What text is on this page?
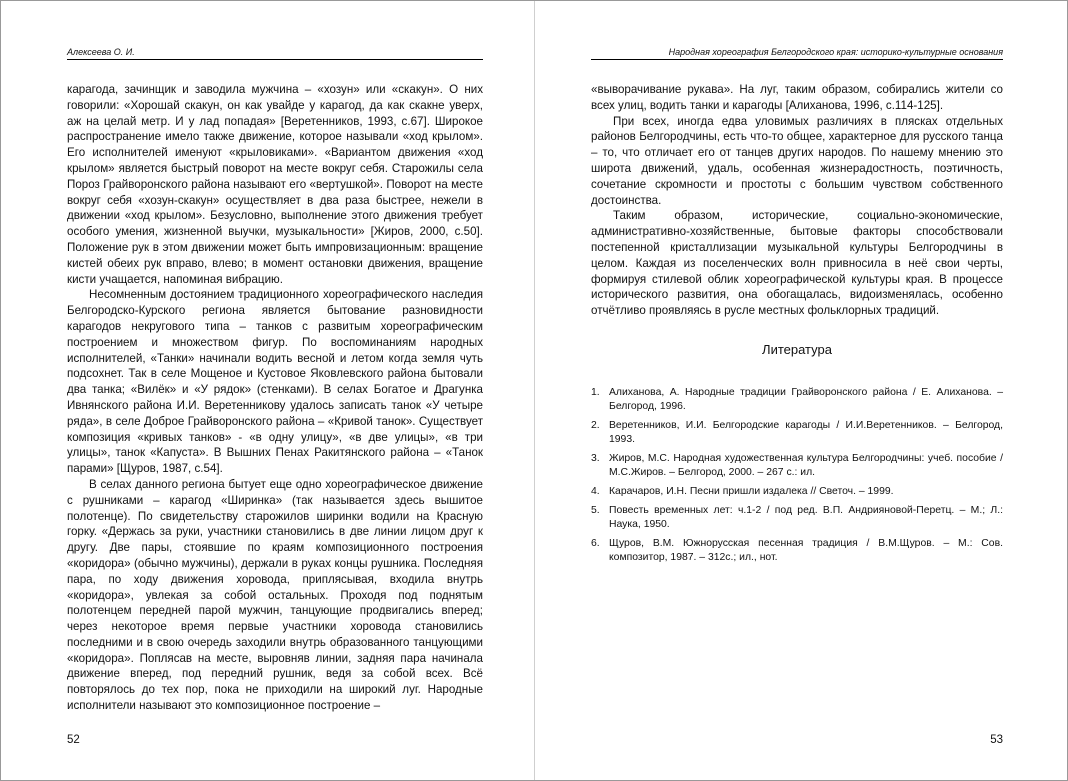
Алексеева О. И.

карагода, зачинщик и заводила мужчина – «хозун» или «скакун». О них говорили: «Хорошай скакун, он как увайде у карагод, да как скакне уверх, аж на целай метр. И у лад попадая» [Веретенников, 1993, с.67]. Широкое распространение имело также движение, которое называли «ход крылом». Его исполнителей именуют «крыловиками». «Вариантом движения «ход крылом» является быстрый поворот на месте вокруг себя. Старожилы села Пороз Грайворонского района называют его «вертушкой». Поворот на месте вокруг себя «хозун-скакун» осуществляет в два раза быстрее, нежели в движении «ход крылом». Безусловно, выполнение этого движения требует особого умения, жизненной выучки, музыкальности» [Жиров, 2000, с.50]. Положение рук в этом движении может быть импровизационным: вращение кистей обеих рук вправо, влево; в момент остановки движения, вращение кисти учащается, напоминая вибрацию.

Несомненным достоянием традиционного хореографического наследия Белгородско-Курского региона является бытование разновидности карагодов некругового типа – танков с развитым хореографическим построением и множеством фигур. По воспоминаниям народных исполнителей, «Танки» начинали водить весной и летом когда земля чуть подсохнет. Так в селе Мощеное и Кустовое Яковлевского района бытовали два танка; «Вилёк» и «У рядок» (стенками). В селах Богатое и Драгунка Ивнянского района И.И. Веретенникову удалось записать танок «У четыре ряда», в селе Доброе Грайворонского района – «Кривой танок». Существует композиция «кривых танков» - «в одну улицу», «в две улицы», «в три улицы», танок «Капуста». В Вышних Пенах Ракитянского района – «Танок парами» [Щуров, 1987, с.54].

В селах данного региона бытует еще одно хореографическое движение с рушниками – карагод «Ширинка» (так называется здесь вышитое полотенце). По свидетельству старожилов ширинки водили на Красную горку. «Держась за руки, участники становились в две линии лицом друг к другу. Две пары, стоявшие по краям композиционного построения «коридора» (обычно мужчины), держали в руках концы рушника. Последняя пара, по ходу движения хоровода, приплясывая, входила внутрь «коридора», увлекая за собой остальных. Проходя под поднятым полотенцем передней парой мужчин, танцующие продвигались вперед; через некоторое время первые участники хоровода становились последними и в свою очередь заходили внутрь образованного танцующими «коридора». Поплясав на месте, выровняв линии, задняя пара начинала движение вперед, под передний рушник, ведя за собой всех. Всё повторялось до тех пор, пока не приходили на широкий луг. Народные исполнители называют это композиционное построение –

52
Народная хореография Белгородского края: историко-культурные основания

«выворачивание рукава». На луг, таким образом, собирались жители со всех улиц, водить танки и карагоды [Алиханова, 1996, с.114-125].

При всех, иногда едва уловимых различиях в плясках отдельных районов Белгородчины, есть что-то общее, характерное для русского танца – то, что отличает его от танцев других народов. По нашему мнению это широта движений, удаль, особенная жизнерадостность, поэтичность, сочетание скромности и простоты с большим чувством собственного достоинства.

Таким образом, исторические, социально-экономические, административно-хозяйственные, бытовые факторы способствовали постепенной кристаллизации музыкальной культуры Белгородчины в целом. Каждая из поселенческих волн привносила в неё свои черты, формируя стилевой облик хореографической культуры края. В процессе исторического развития, она обогащалась, видоизменялась, особенно отчётливо проявляясь в русле местных фольклорных традиций.

Литература
1. Алиханова, А. Народные традиции Грайворонского района / Е. Алиханова. – Белгород, 1996.
2. Веретенников, И.И. Белгородские карагоды / И.И.Веретенников. – Белгород, 1993.
3. Жиров, М.С. Народная художественная культура Белгородчины: учеб. пособие / М.С.Жиров. – Белгород, 2000. – 267 с.: ил.
4. Карачаров, И.Н. Песни пришли издалека // Светоч. – 1999.
5. Повесть временных лет: ч.1-2 / под ред. В.П. Андрияновой-Перетц. – М.; Л.: Наука, 1950.
6. Щуров, В.М. Южнорусская песенная традиция / В.М.Щуров. – М.: Сов. композитор, 1987. – 312с.; ил., нот.
53
